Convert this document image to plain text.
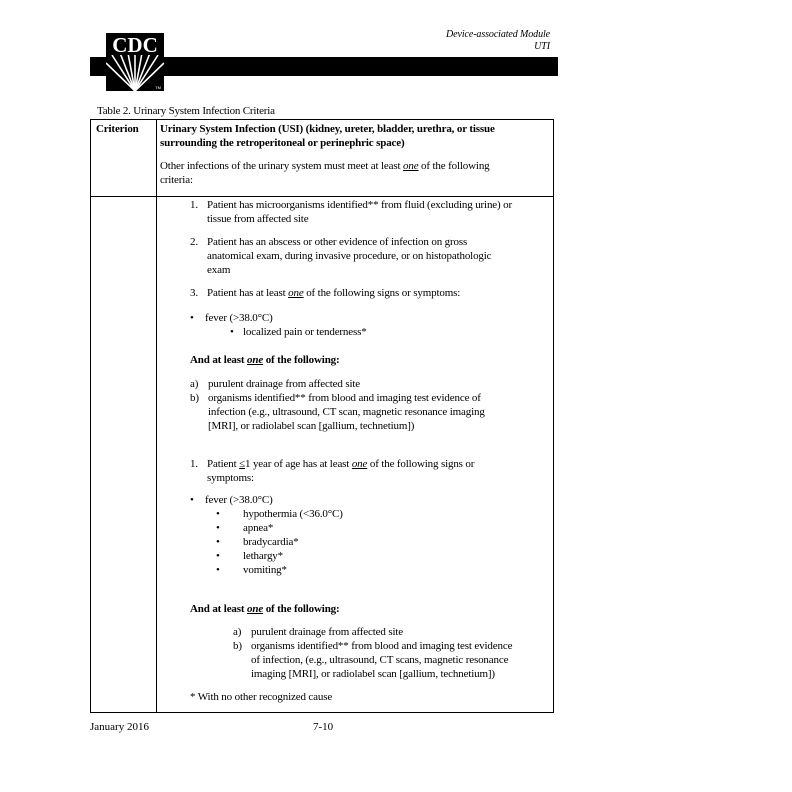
Device-associated Module
UTI
CDC
TM
Table 2. Urinary System Infection Criteria
Criterion Urinary System Infection (USI) (kidney, ureter, bladder, urethra, or tissue
surrounding the retroperitoneal or perinephric space)
Other infections of the urinary system must meet at least one of the following
criteria:
1. Patient has microorganisms identified** from fluid (excluding urine) or
tissue from affected site
2. Patient has an abscess or other evidence of infection on gross
anatomical exam, during invasive procedure, or on histopathologic
exam
3. Patient has at least one of the following signs or symptoms:
• fever (>38.0°C)
• localized pain or tenderness*
And at least one of the following:
a) purulent drainage from affected site
b) organisms identified** from blood and imaging test evidence of
infection (e.g., ultrasound, CT scan, magnetic resonance imaging
[MRI], or radiolabel scan [gallium, technetium])
1. Patient ≤1 year of age has at least one of the following signs or
symptoms:
• fever (>38.0°C)
• hypothermia (<36.0°C)
• apnea*
• bradycardia*
• lethargy*
• vomiting*
And at least one of the following:
a) purulent drainage from affected site
b) organisms identified** from blood and imaging test evidence
of infection, (e.g., ultrasound, CT scans, magnetic resonance
imaging [MRI], or radiolabel scan [gallium, technetium])
* With no other recognized cause
January 2016	7-10
